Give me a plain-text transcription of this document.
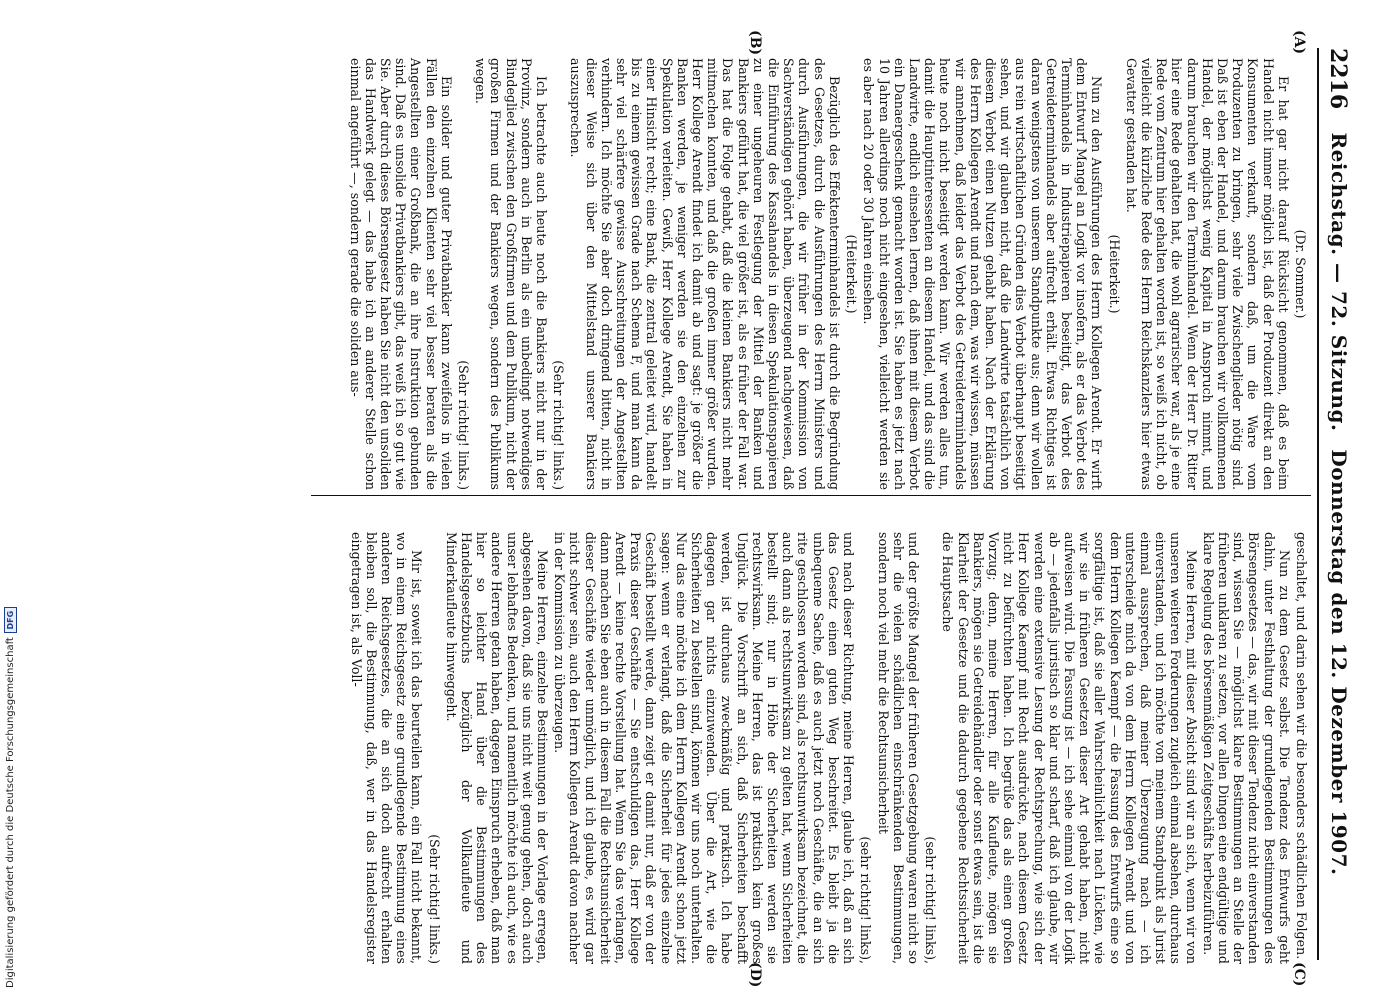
2216
Reichstag. — 72. Sitzung.Donnerstag den 12. Dezember 1907.
(A)
(B)
(C)
(D)

(Dr. Sommer.)

Er hat gar nicht darauf Rücksicht genommen, daß es beim Handel nicht immer möglich ist, daß der Produzent direkt an den Konsumenten verkauft, sondern daß, um die Ware vom Produzenten zu bringen, sehr viele Zwischenglieder nötig sind. Daß ist eben der Handel, und darum brauchen wir vollkommenen Handel, der möglichst wenig Kapital in Anspruch nimmt, und darum brauchen wir den Terminhandel. Wenn der Herr Dr. Ritter hier eine Rede gehalten hat, die wohl agrarischer war, als je eine Rede vom Zentrum hier gehalten worden ist, so weiß ich nicht, ob vielleicht die kürzliche Rede des Herrn Reichskanzlers hier etwas Gevatter gestanden hat.

(Heiterkeit.)

Nun zu den Ausführungen des Herrn Kollegen Arendt. Er wirft dem Entwurf Mangel an Logik vor insofern, als er das Verbot des Terminhandels in Industriepapieren beseitigt, das Verbot des Getreideterminhandels aber aufrecht erhält. Etwas Richtiges ist daran wenigstens von unserem Standpunkte aus; denn wir wollen aus rein wirtschaftlichen Gründen dies Verbot überhaupt beseitigt sehen, und wir glauben nicht, daß die Landwirte tatsächlich von diesem Verbot einen Nutzen gehabt haben. Nach der Erklärung des Herrn Kollegen Arendt und nach dem, was wir wissen, müssen wir annehmen, daß leider das Verbot des Getreideterminhandels heute noch nicht beseitigt werden kann. Wir werden alles tun, damit die Hauptinteressenten an diesem Handel, und das sind die Landwirte, endlich einsehen lernen, daß ihnen mit diesem Verbot ein Danaergeschenk gemacht worden ist. Sie haben es jetzt nach 10 Jahren allerdings noch nicht eingesehen, vielleicht werden sie es aber nach 20 oder 30 Jahren einsehen.

(Heiterkeit.)

Bezüglich des Effektenterminhandels ist durch die Begründung des Gesetzes, durch die Ausführungen des Herrn Ministers und durch Ausführungen, die wir früher in der Kommission von Sachverständigen gehört haben, überzeugend nachgewiesen, daß die Einführung des Kassahandels in diesen Spekulationspapieren zu einer ungeheuren Festlegung der Mittel der Banken und Bankiers geführt hat, die viel größer ist, als es früher der Fall war. Das hat die Folge gehabt, daß die kleinen Bankiers nicht mehr mitmachen konnten, und daß die großen immer größer wurden. Herr Kollege Arendt findet ich damit ab und sagt: je größer die Banken werden, je weniger werden sie den einzelnen zur Spekulation verleiten. Gewiß, Herr Kollege Arendt, Sie haben in einer Hinsicht recht; eine Bank, die zentral geleitet wird, handelt bis zu einem gewissen Grade nach Schema F, und man kann da sehr viel schärfere gewisse Ausschreitungen der Angestellten verhindern. Ich möchte Sie aber doch dringend bitten, nicht in dieser Weise sich über den Mittelstand unserer Bankiers auszusprechen.

(Sehr richtig! links.)

Ich betrachte auch heute noch die Bankiers nicht nur in der Provinz, sondern auch in Berlin als ein unbedingt notwendiges Bindeglied zwischen den Großfirmen und dem Publikum, nicht der großen Firmen und der Bankiers wegen, sondern des Publikums wegen.

(Sehr richtig! links.)

Ein solider und guter Privatbankier kann zweifellos in vielen Fällen den einzelnen Klienten sehr viel besser beraten als die Angestellten einer Großbank, die an ihre Instruktion gebunden sind. Daß es unsolide Privatbankiers gibt, das weiß ich so gut wie Sie. Aber durch dieses Börsengesetz haben Sie nicht den unsoliden das Handwerk gelegt — das habe ich an anderer Stelle schon einmal angeführt —, sondern gerade die soliden aus-

geschaltet, und darin sehen wir die besonders schädlichen Folgen.

Nun zu dem Gesetz selbst. Die Tendenz des Entwurfs geht dahin, unter Festhaltung der grundlegenden Bestimmungen des Börsengesetzes — das, wir mit dieser Tendenz nicht einverstanden sind, wissen Sie — möglichst klare Bestimmungen an Stelle der früheren unklaren zu setzen, vor allen Dingen eine endgültige und klare Regelung des börsenmäßigen Zeitgeschäfts herbeizuführen.

Meine Herren, mit dieser Absicht sind wir an sich, wenn wir von unseren weiteren Forderungen zugleich einmal absehen, durchaus einverstanden, und ich möchte von meinem Standpunkt als Jurist einmal aussprechen, daß meiner Überzeugung nach — ich unterscheide mich da von dem Herrn Kollegen Arendt und von dem Herrn Kollegen Kaempf — die Fassung des Entwurfs eine so sorgfältige ist, daß sie aller Wahrscheinlichkeit nach Lücken, wie wir sie in früheren Gesetzen dieser Art gehabt haben, nicht aufweisen wird. Die Fassung ist — ich sehe einmal von der Logik ab — jedenfalls juristisch so klar und scharf, daß ich glaube, wir werden eine extensive Lesung der Rechtsprechung, wie sich der Herr Kollege Kaempf mit Recht ausdrückte, nach diesem Gesetz nicht zu befürchten haben. Ich begrüße das als einen großen Vorzug; denn, meine Herren, für alle Kaufleute, mögen sie Bankiers, mögen sie Getreidehändler oder sonst etwas sein, ist die Klarheit der Gesetze und die dadurch gegebene Rechtssicherheit die Hauptsache

(sehr richtig! links),

und der größte Mangel der früheren Gesetzgebung waren nicht so sehr die vielen schädlichen einschränkenden Bestimmungen, sondern noch viel mehr die Rechtsunsicherheit

(sehr richtig! links),

und nach dieser Richtung, meine Herren, glaube ich, daß an sich das Gesetz einen guten Weg beschreitet. Es bleibt ja die unbequeme Sache, daß es auch jetzt noch Geschäfte, die an sich rite geschlossen worden sind, als rechtsunwirksam bezeichnet, die auch dann als rechtsunwirksam zu gelten hat, wenn Sicherheiten bestellt sind; nur in Höhe der Sicherheiten werden sie rechtswirksam. Meine Herren, das ist praktisch kein großes Unglück. Die Vorschrift an sich, daß Sicherheiten beschafft werden, ist durchaus zweckmäßig und praktisch. Ich habe dagegen gar nichts einzuwenden. Über die Art, wie die Sicherheiten zu bestellen sind, können wir uns noch unterhalten. Nur das eine möchte ich dem Herrn Kollegen Arendt schon jetzt sagen: wenn er verlangt, daß die Sicherheit für jedes einzelne Geschäft bestellt werde, dann zeigt er damit nur, daß er von der Praxis dieser Geschäfte — Sie entschuldigen das, Herr Kollege Arendt — keine rechte Vorstellung hat. Wenn Sie das verlangen, dann machen Sie eben auch in diesem Fall die Rechtsunsicherheit dieser Geschäfte wieder unmöglich, und ich glaube, es wird gar nicht schwer sein, auch den Herrn Kollegen Arendt davon nachher in der Kommission zu überzeugen.

Meine Herren, einzelne Bestimmungen in der Vorlage erregen, abgesehen davon, daß sie uns nicht weit genug gehen, doch auch unser lebhaftes Bedenken, und namentlich möchte ich auch, wie es andere Herren getan haben, dagegen Einspruch erheben, daß man hier so leichter Hand über die Bestimmungen des Handelsgesetzbuchs bezüglich der Vollkaufleute und Minderkaufleute hinweggeht.

(Sehr richtig! links.)

Mir ist, soweit ich das beurteilen kann, ein Fall nicht bekannt, wo in einem Reichsgesetz eine grundlegende Bestimmung eines anderen Reichsgesetzes, die an sich doch aufrecht erhalten bleiben soll, die Bestimmung, daß, wer in das Handelsregister eingetragen ist, als Voll-

Digitalisierung gefördert durch die Deutsche Forschungsgemeinschaft
DFG
